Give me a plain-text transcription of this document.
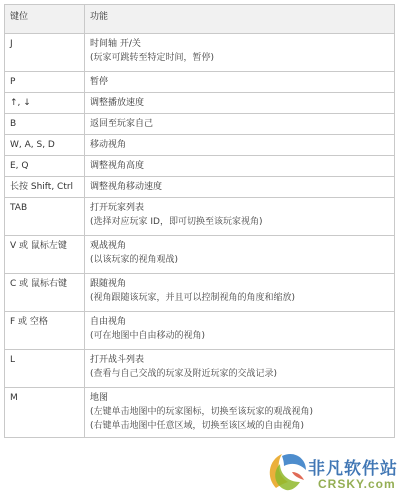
键位	功能
J	时间轴 开/关
(玩家可跳转至特定时间，暂停)

P	暂停

↑, ↓	调整播放速度

B	返回至玩家自己

W, A, S, D	移动视角

E, Q	调整视角高度

长按 Shift, Ctrl	调整视角移动速度

TAB	打开玩家列表
(选择对应玩家 ID，即可切换至该玩家视角)

V 或 鼠标左键	观战视角
(以该玩家的视角观战)

C 或 鼠标右键	跟随视角
(视角跟随该玩家，并且可以控制视角的角度和缩放)

F 或 空格	自由视角
(可在地图中自由移动的视角)

L	打开战斗列表
(查看与自己交战的玩家及附近玩家的交战记录)

M	地图
(左键单击地图中的玩家图标，切换至该玩家的观战视角)
(右键单击地图中任意区域，切换至该区域的自由视角)
非凡软件站
CRSKY.com
